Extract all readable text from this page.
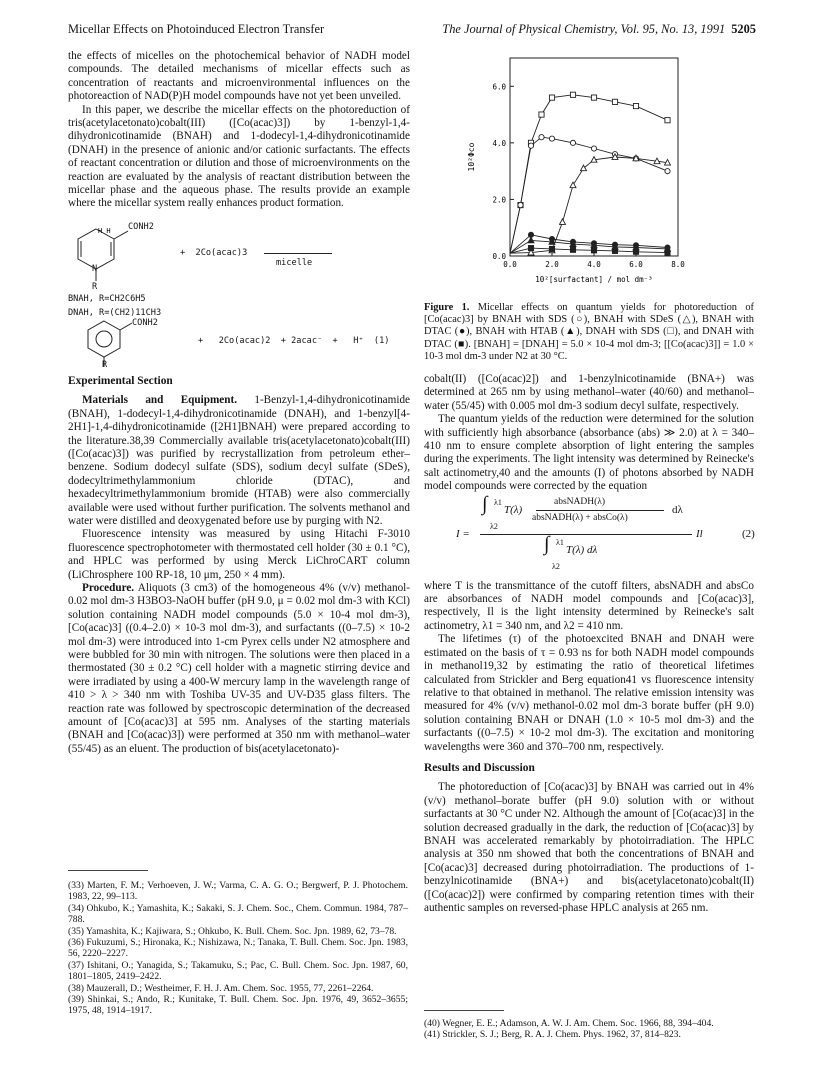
Micellar Effects on Photoinduced Electron Transfer	The Journal of Physical Chemistry, Vol. 95, No. 13, 1991 5205

the effects of micelles on the photochemical behavior of NADH model compounds. The detailed mechanisms of micellar effects such as concentration of reactants and microenvironmental influences on the photoreaction of NAD(P)H model compounds have not yet been unveiled.

In this paper, we describe the micellar effects on the photoreduction of tris(acetylacetonato)cobalt(III) ([Co(acac)3]) by 1-benzyl-1,4-dihydronicotinamide (BNAH) and 1-dodecyl-1,4-dihydronicotinamide (DNAH) in the presence of anionic and/or cationic surfactants. The effects of reactant concentration or dilution and those of microenvironments on the reaction are evaluated by the analysis of reactant distribution between the micellar phase and the aqueous phase. The results provide an example where the micellar system really enhances product formation.

H H CONH2
N
R
+  2Co(acac)3
micelle
BNAH, R=CH2C6H5
DNAH, R=(CH2)11CH3
CONH2
+   2Co(acac)2  + 2acac⁻  +   H⁺  (1)
R
Experimental Section

Materials and Equipment. 1-Benzyl-1,4-dihydronicotinamide (BNAH), 1-dodecyl-1,4-dihydronicotinamide (DNAH), and 1-benzyl[4-2H1]-1,4-dihydronicotinamide ([2H1]BNAH) were prepared according to the literature.38,39 Commercially available tris(acetylacetonato)cobalt(III) ([Co(acac)3]) was purified by recrystallization from petroleum ether–benzene. Sodium dodecyl sulfate (SDS), sodium decyl sulfate (SDeS), dodecyltrimethylammonium chloride (DTAC), and hexadecyltrimethylammonium bromide (HTAB) were also commercially available were used without further purification. The solvents methanol and water were distilled and deoxygenated before use by purging with N2.

Fluorescence intensity was measured by using Hitachi F-3010 fluorescence spectrophotometer with thermostated cell holder (30 ± 0.1 °C), and HPLC was performed by using Merck LiChroCART column (LiChrosphere 100 RP-18, 10 μm, 250 × 4 mm).

Procedure. Aliquots (3 cm3) of the homogeneous 4% (v/v) methanol-0.02 mol dm-3 H3BO3-NaOH buffer (pH 9.0, μ = 0.02 mol dm-3 with KCl) solution containing NADH model compounds (5.0 × 10-4 mol dm-3), [Co(acac)3] ((0.4–2.0) × 10-3 mol dm-3), and surfactants ((0–7.5) × 10-2 mol dm-3) were introduced into 1-cm Pyrex cells under N2 atmosphere and were bubbled for 30 min with nitrogen. The solutions were then placed in a thermostated (30 ± 0.2 °C) cell holder with a magnetic stirring device and were irradiated by using a 400-W mercury lamp in the wavelength range of 410 > λ > 340 nm with Toshiba UV-35 and UV-D35 glass filters. The reaction rate was followed by spectroscopic determination of the decreased amount of [Co(acac)3] at 595 nm. Analyses of the starting materials (BNAH and [Co(acac)3]) were performed at 350 nm with methanol–water (55/45) as an eluent. The production of bis(acetylacetonato)-

(33) Marten, F. M.; Verhoeven, J. W.; Varma, C. A. G. O.; Bergwerf, P. J. Photochem. 1983, 22, 99–113.
(34) Ohkubo, K.; Yamashita, K.; Sakaki, S. J. Chem. Soc., Chem. Commun. 1984, 787–788.
(35) Yamashita, K.; Kajiwara, S.; Ohkubo, K. Bull. Chem. Soc. Jpn. 1989, 62, 73–78.
(36) Fukuzumi, S.; Hironaka, K.; Nishizawa, N.; Tanaka, T. Bull. Chem. Soc. Jpn. 1983, 56, 2220–2227.
(37) Ishitani, O.; Yanagida, S.; Takamuku, S.; Pac, C. Bull. Chem. Soc. Jpn. 1987, 60, 1801–1805, 2419–2422.
(38) Mauzerall, D.; Westheimer, F. H. J. Am. Chem. Soc. 1955, 77, 2261–2264.
(39) Shinkai, S.; Ando, R.; Kunitake, T. Bull. Chem. Soc. Jpn. 1976, 49, 3652–3655; 1975, 48, 1914–1917.
0.0	2.0	4.0	6.0	8.0
0.0
2.0
4.0
6.0
10²[surfactant] / mol dm⁻³
10²Φco
Figure 1. Micellar effects on quantum yields for photoreduction of [Co(acac)3] by BNAH with SDS (○), BNAH with SDeS (△), BNAH with DTAC (●), BNAH with HTAB (▲), DNAH with SDS (□), and DNAH with DTAC (■). [BNAH] = [DNAH] = 5.0 × 10-4 mol dm-3; [[Co(acac)3]] = 1.0 × 10-3 mol dm-3 under N2 at 30 °C.

cobalt(II) ([Co(acac)2]) and 1-benzylnicotinamide (BNA+) was determined at 265 nm by using methanol–water (40/60) and methanol–water (55/45) with 0.005 mol dm-3 sodium decyl sulfate, respectively.

The quantum yields of the reduction were determined for the solution with sufficiently high absorbance (absorbance (abs) ≫ 2.0) at λ = 340–410 nm to ensure complete absorption of light entering the samples during the experiments. The light intensity was determined by Reinecke's salt actinometry,40 and the amounts (I) of photons absorbed by NADH model compounds were corrected by the equation

I =
∫ λ1
λ2
T(λ)
absNADH(λ)
absNADH(λ) + absCo(λ)
dλ
Il
∫ λ1
λ2
T(λ) dλ
(2)

where T is the transmittance of the cutoff filters, absNADH and absCo are absorbances of NADH model compounds and [Co(acac)3], respectively, Il is the light intensity determined by Reinecke's salt actinometry, λ1 = 340 nm, and λ2 = 410 nm.

The lifetimes (τ) of the photoexcited BNAH and DNAH were estimated on the basis of τ = 0.93 ns for both NADH model compounds in methanol19,32 by estimating the ratio of theoretical lifetimes calculated from Strickler and Berg equation41 vs fluorescence intensity relative to that obtained in methanol. The relative emission intensity was measured for 4% (v/v) methanol-0.02 mol dm-3 borate buffer (pH 9.0) solution containing BNAH or DNAH (1.0 × 10-5 mol dm-3) and the surfactants ((0–7.5) × 10-2 mol dm-3). The excitation and monitoring wavelengths were 360 and 370–700 nm, respectively.

Results and Discussion

The photoreduction of [Co(acac)3] by BNAH was carried out in 4% (v/v) methanol–borate buffer (pH 9.0) solution with or without surfactants at 30 °C under N2. Although the amount of [Co(acac)3] in the solution decreased gradually in the dark, the reduction of [Co(acac)3] by BNAH was accelerated remarkably by photoirradiation. The HPLC analysis at 350 nm showed that both the concentrations of BNAH and [Co(acac)3] decreased during photoirradiation. The productions of 1-benzylnicotinamide (BNA+) and bis(acetylacetonato)cobalt(II) ([Co(acac)2]) were confirmed by comparing retention times with their authentic samples on reversed-phase HPLC analysis at 265 nm.

(40) Wegner, E. E.; Adamson, A. W. J. Am. Chem. Soc. 1966, 88, 394–404.
(41) Strickler, S. J.; Berg, R. A. J. Chem. Phys. 1962, 37, 814–823.
